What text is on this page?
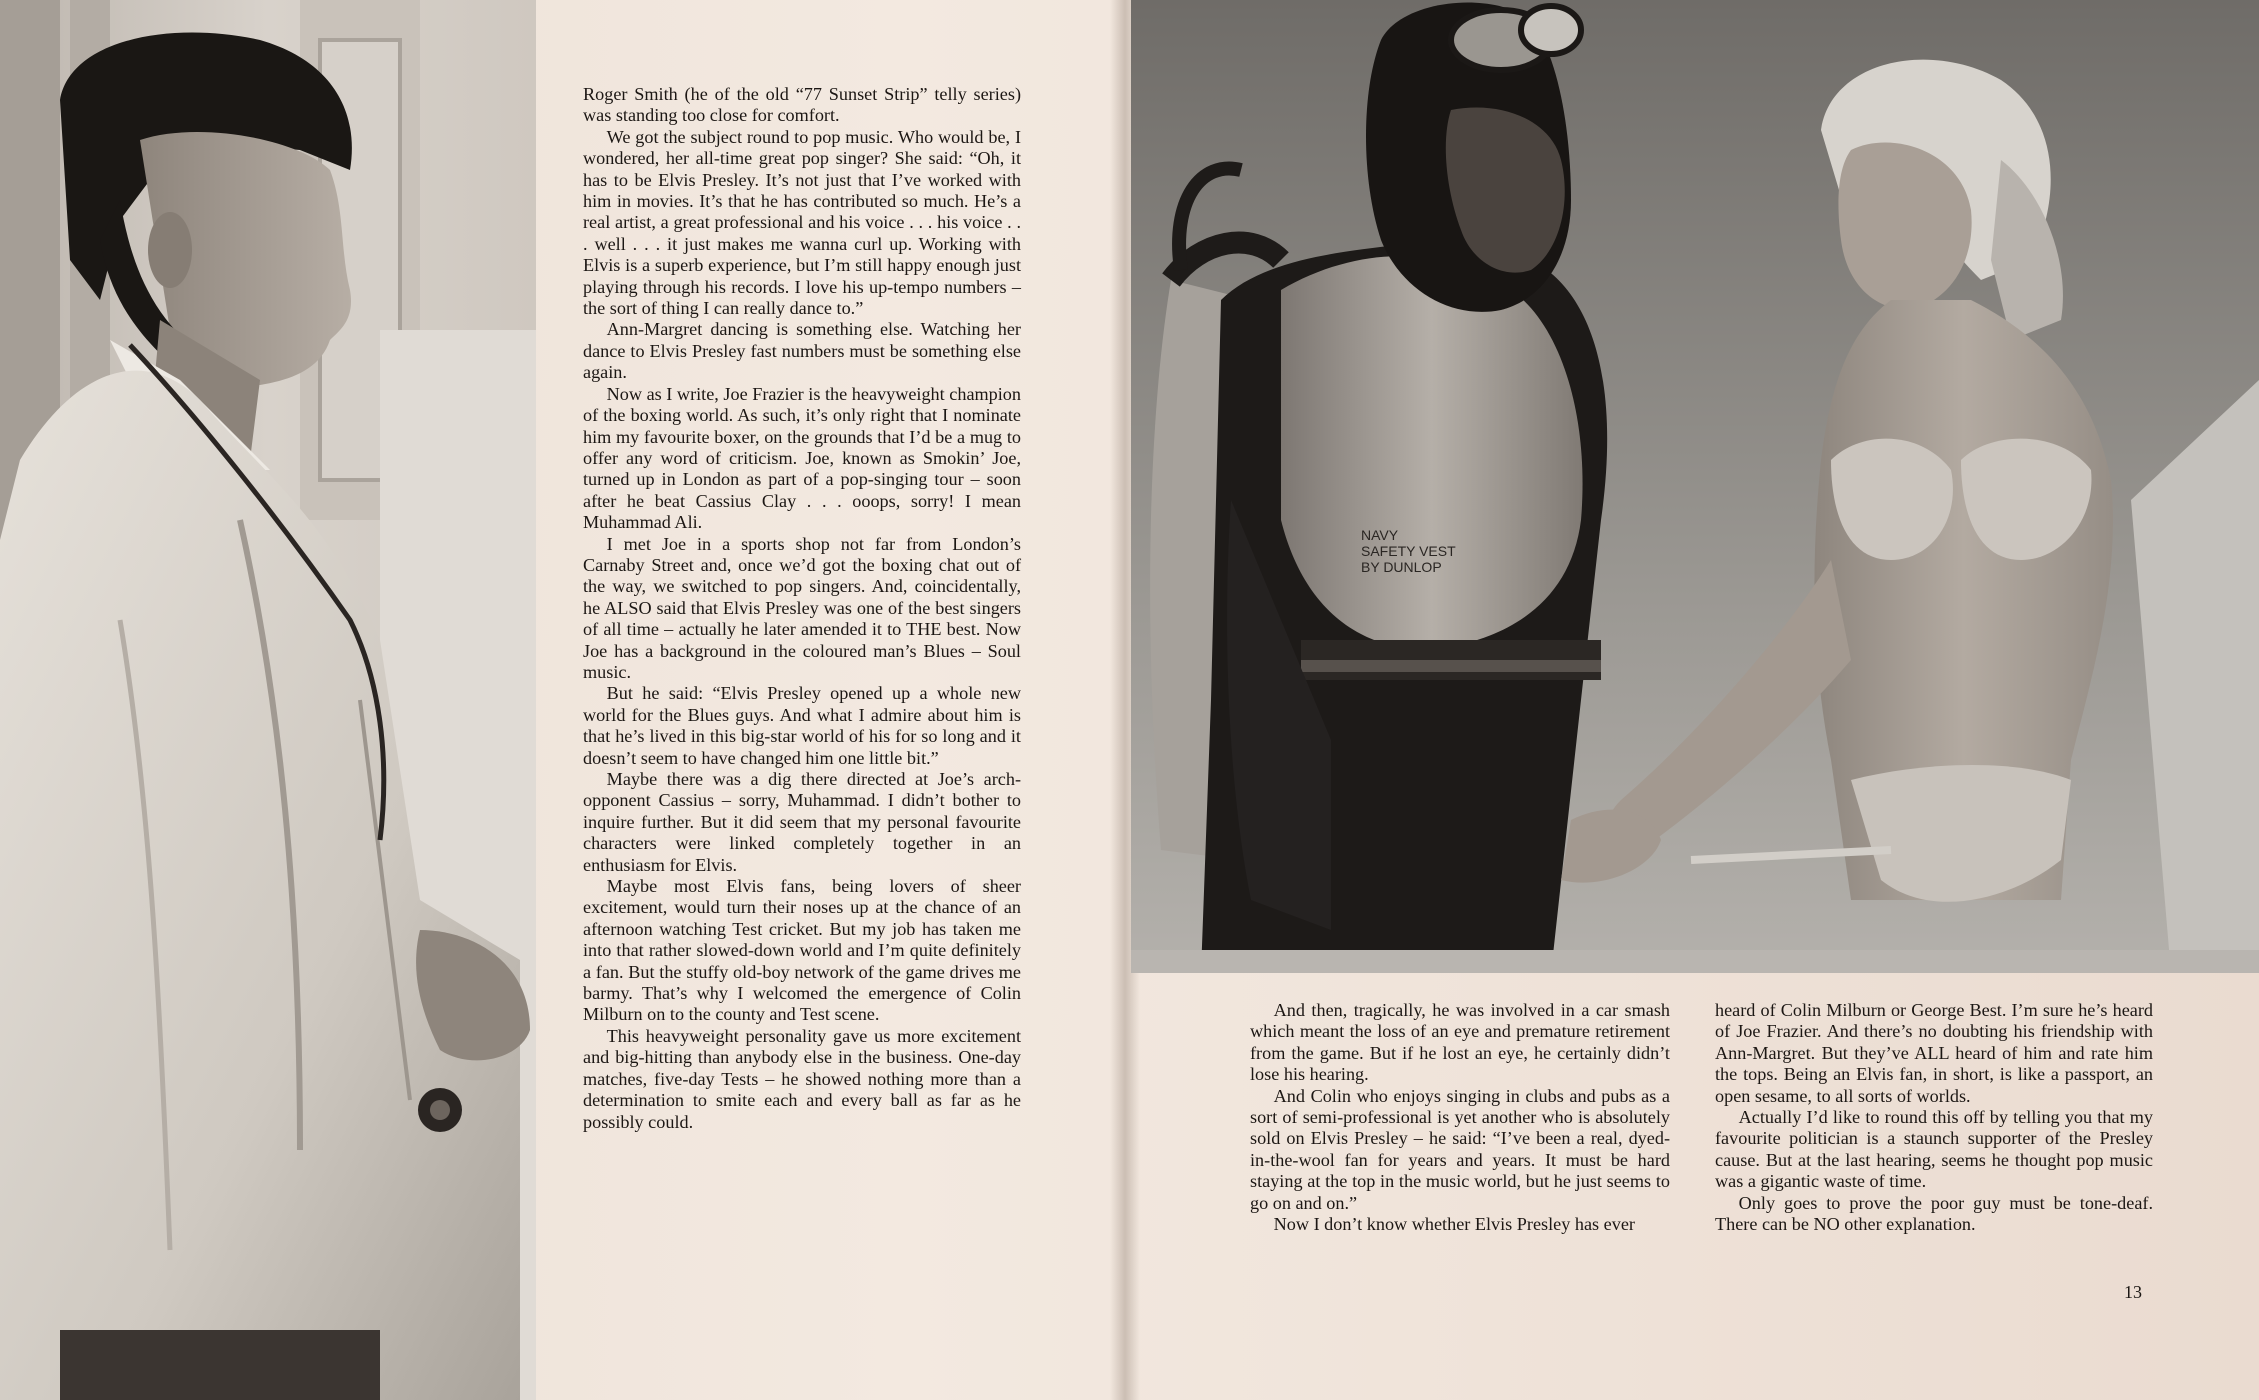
Roger Smith (he of the old “77 Sunset Strip” telly series) was standing too close for comfort.

We got the subject round to pop music. Who would be, I wondered, her all-time great pop singer? She said: “Oh, it has to be Elvis Presley. It’s not just that I’ve worked with him in movies. It’s that he has contributed so much. He’s a real artist, a great professional and his voice . . . his voice . . . well . . . it just makes me wanna curl up. Working with Elvis is a superb experience, but I’m still happy enough just playing through his records. I love his up-tempo numbers – the sort of thing I can really dance to.”

Ann-Margret dancing is something else. Watching her dance to Elvis Presley fast numbers must be something else again.

Now as I write, Joe Frazier is the heavyweight champion of the boxing world. As such, it’s only right that I nominate him my favourite boxer, on the grounds that I’d be a mug to offer any word of criticism. Joe, known as Smokin’ Joe, turned up in London as part of a pop-singing tour – soon after he beat Cassius Clay . . . ooops, sorry! I mean Muhammad Ali.

I met Joe in a sports shop not far from London’s Carnaby Street and, once we’d got the boxing chat out of the way, we switched to pop singers. And, coincidentally, he ALSO said that Elvis Presley was one of the best singers of all time – actually he later amended it to THE best. Now Joe has a background in the coloured man’s Blues – Soul music.

But he said: “Elvis Presley opened up a whole new world for the Blues guys. And what I admire about him is that he’s lived in this big-star world of his for so long and it doesn’t seem to have changed him one little bit.”

Maybe there was a dig there directed at Joe’s arch-opponent Cassius – sorry, Muhammad. I didn’t bother to inquire further. But it did seem that my personal favourite characters were linked completely together in an enthusiasm for Elvis.

Maybe most Elvis fans, being lovers of sheer excitement, would turn their noses up at the chance of an afternoon watching Test cricket. But my job has taken me into that rather slowed-down world and I’m quite definitely a fan. But the stuffy old-boy network of the game drives me barmy. That’s why I welcomed the emergence of Colin Milburn on to the county and Test scene.

This heavyweight personality gave us more excitement and big-hitting than anybody else in the business. One-day matches, five-day Tests – he showed nothing more than a determination to smite each and every ball as far as he possibly could.

NAVY SAFETY VEST BY DUNLOP

And then, tragically, he was involved in a car smash which meant the loss of an eye and premature retirement from the game. But if he lost an eye, he certainly didn’t lose his hearing.

And Colin who enjoys singing in clubs and pubs as a sort of semi-professional is yet another who is absolutely sold on Elvis Presley – he said: “I’ve been a real, dyed-in-the-wool fan for years and years. It must be hard staying at the top in the music world, but he just seems to go on and on.”

Now I don’t know whether Elvis Presley has ever

heard of Colin Milburn or George Best. I’m sure he’s heard of Joe Frazier. And there’s no doubting his friendship with Ann-Margret. But they’ve ALL heard of him and rate him the tops. Being an Elvis fan, in short, is like a passport, an open sesame, to all sorts of worlds.

Actually I’d like to round this off by telling you that my favourite politician is a staunch supporter of the Presley cause. But at the last hearing, seems he thought pop music was a gigantic waste of time.

Only goes to prove the poor guy must be tone-deaf. There can be NO other explanation.

13
